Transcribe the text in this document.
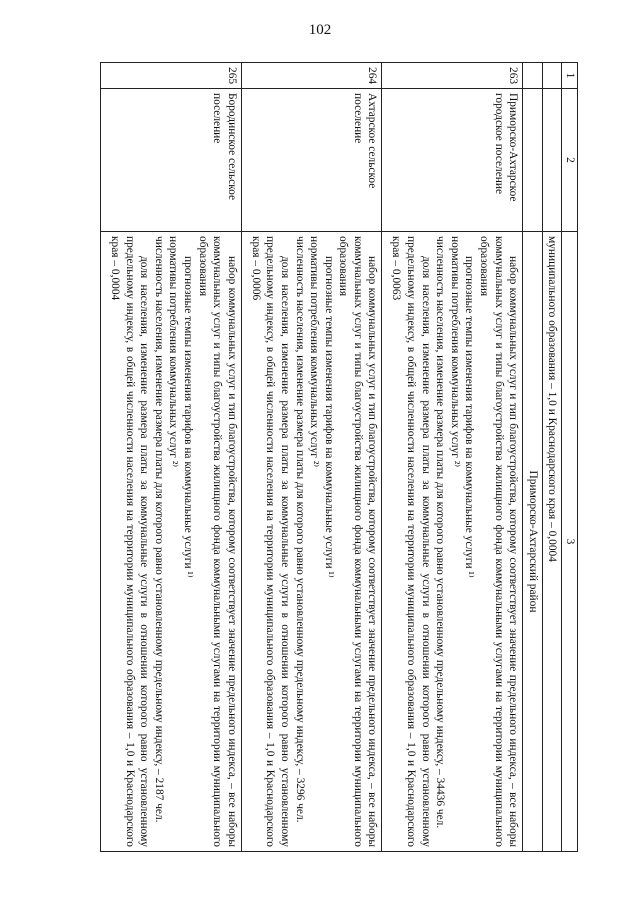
102
1	2	3
		муниципального образования – 1,0 и Краснодарского края – 0,0004
		Приморско-Ахтарский район
263	Приморско-Ахтарское городское поселение	набор коммунальных услуг и тип благоустройства, которому соответствует значение предельного индекса, – все наборы коммунальных услуг и типы благоустройства жилищного фонда коммунальными услугами на территории муниципального образования

прогнозные темпы изменения тарифов на коммунальные услуги ¹⁾

нормативы потребления коммунальных услуг ²⁾

численность населения, изменение размера платы для которого равно установленному предельному индексу, – 34436 чел.

доля населения, изменение размера платы за коммунальные услуги в отношении которого равно установленному предельному индексу, в общей численности населения на территории муниципального образования – 1,0 и Краснодарского края – 0,0063

264	Ахтарское сельское поселение	набор коммунальных услуг и тип благоустройства, которому соответствует значение предельного индекса, – все наборы коммунальных услуг и типы благоустройства жилищного фонда коммунальными услугами на территории муниципального образования

прогнозные темпы изменения тарифов на коммунальные услуги ¹⁾

нормативы потребления коммунальных услуг ²⁾

численность населения, изменение размера платы для которого равно установленному предельному индексу, – 3296 чел.

доля населения, изменение размера платы за коммунальные услуги в отношении которого равно установленному предельному индексу, в общей численности населения на территории муниципального образования – 1,0 и Краснодарского края – 0,0006

265	Бородинское сельское поселение	набор коммунальных услуг и тип благоустройства, которому соответствует значение предельного индекса, – все наборы коммунальных услуг и типы благоустройства жилищного фонда коммунальными услугами на территории муниципального образования

прогнозные темпы изменения тарифов на коммунальные услуги ¹⁾

нормативы потребления коммунальных услуг ²⁾

численность населения, изменение размера платы для которого равно установленному предельному индексу, – 2187 чел.

доля населения, изменение размера платы за коммунальные услуги в отношении которого равно установленному предельному индексу, в общей численности населения на территории муниципального образования – 1,0 и Краснодарского края – 0,0004
